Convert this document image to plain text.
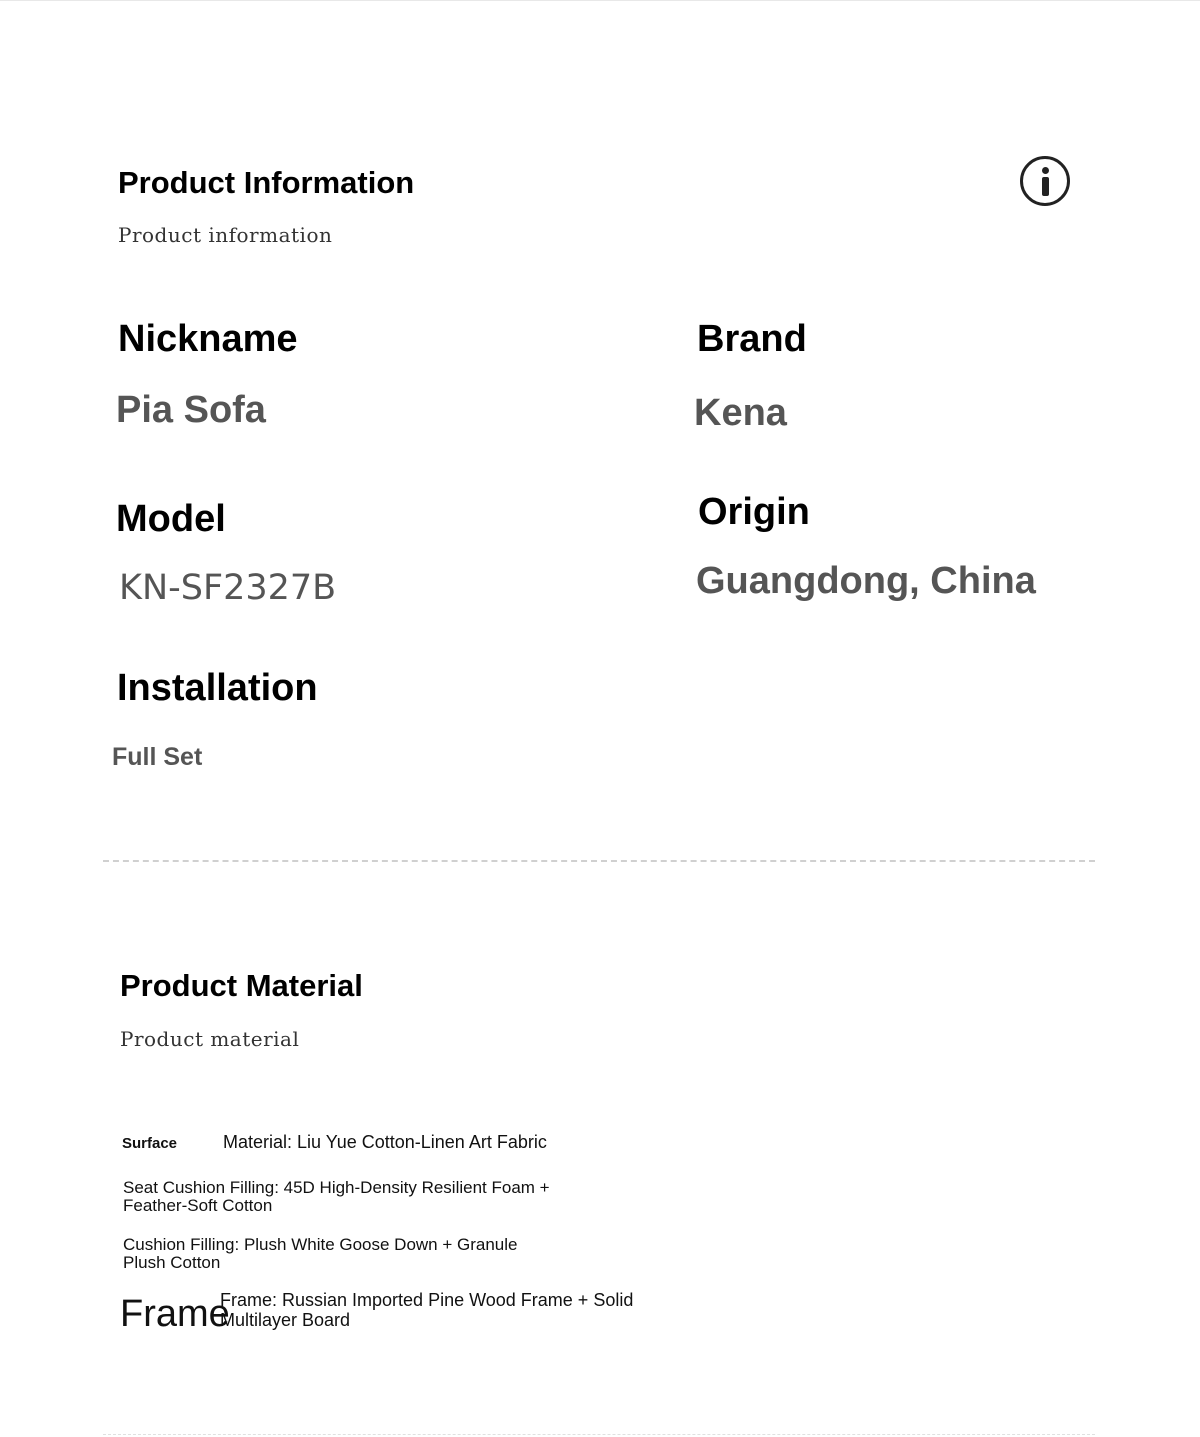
Product Information
Product information
Nickname
Pia Sofa
Brand
Kena
Model
KN-SF2327B
Origin
Guangdong, China
Installation
Full Set
Product Material
Product material
Surface	Material: Liu Yue Cotton-Linen Art Fabric
Seat Cushion Filling: 45D High-Density Resilient Foam +
Feather-Soft Cotton
Cushion Filling: Plush White Goose Down + Granule
Plush Cotton
Frame
Frame: Russian Imported Pine Wood Frame + Solid
Multilayer Board
